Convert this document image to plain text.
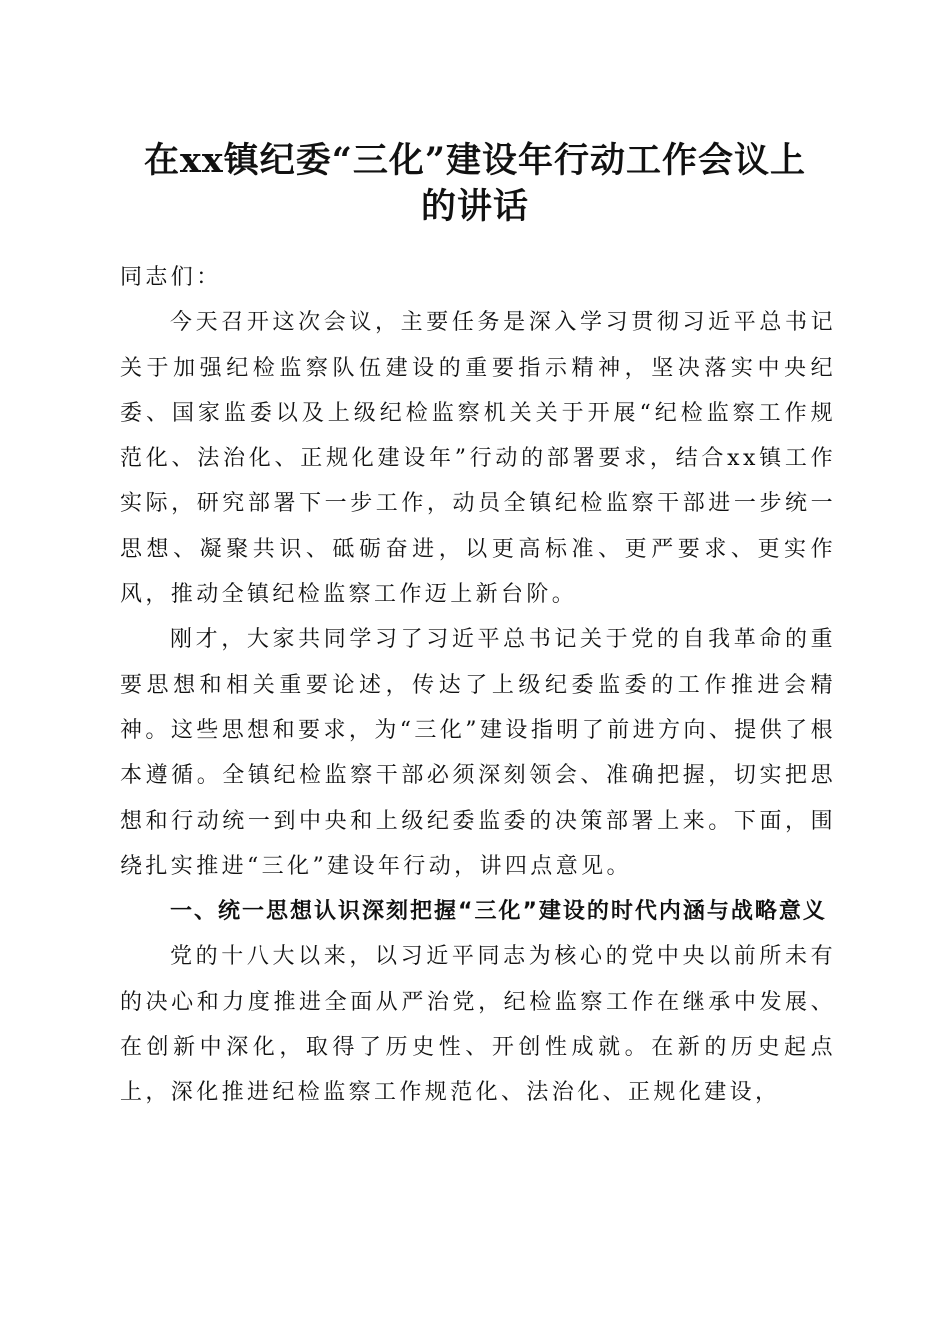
在xx镇纪委“三化”建设年行动工作会议上
的讲话

同志们：

今天召开这次会议，主要任务是深入学习贯彻习近平总书记关于加强纪检监察队伍建设的重要指示精神，坚决落实中央纪委、国家监委以及上级纪检监察机关关于开展“纪检监察工作规范化、法治化、正规化建设年”行动的部署要求，结合xx镇工作实际，研究部署下一步工作，动员全镇纪检监察干部进一步统一思想、凝聚共识、砥砺奋进，以更高标准、更严要求、更实作风，推动全镇纪检监察工作迈上新台阶。

刚才，大家共同学习了习近平总书记关于党的自我革命的重要思想和相关重要论述，传达了上级纪委监委的工作推进会精神。这些思想和要求，为“三化”建设指明了前进方向、提供了根本遵循。全镇纪检监察干部必须深刻领会、准确把握，切实把思想和行动统一到中央和上级纪委监委的决策部署上来。下面，围绕扎实推进“三化”建设年行动，讲四点意见。

一、统一思想认识深刻把握“三化”建设的时代内涵与战略意义

党的十八大以来，以习近平同志为核心的党中央以前所未有的决心和力度推进全面从严治党，纪检监察工作在继承中发展、在创新中深化，取得了历史性、开创性成就。在新的历史起点上，深化推进纪检监察工作规范化、法治化、正规化建设，
